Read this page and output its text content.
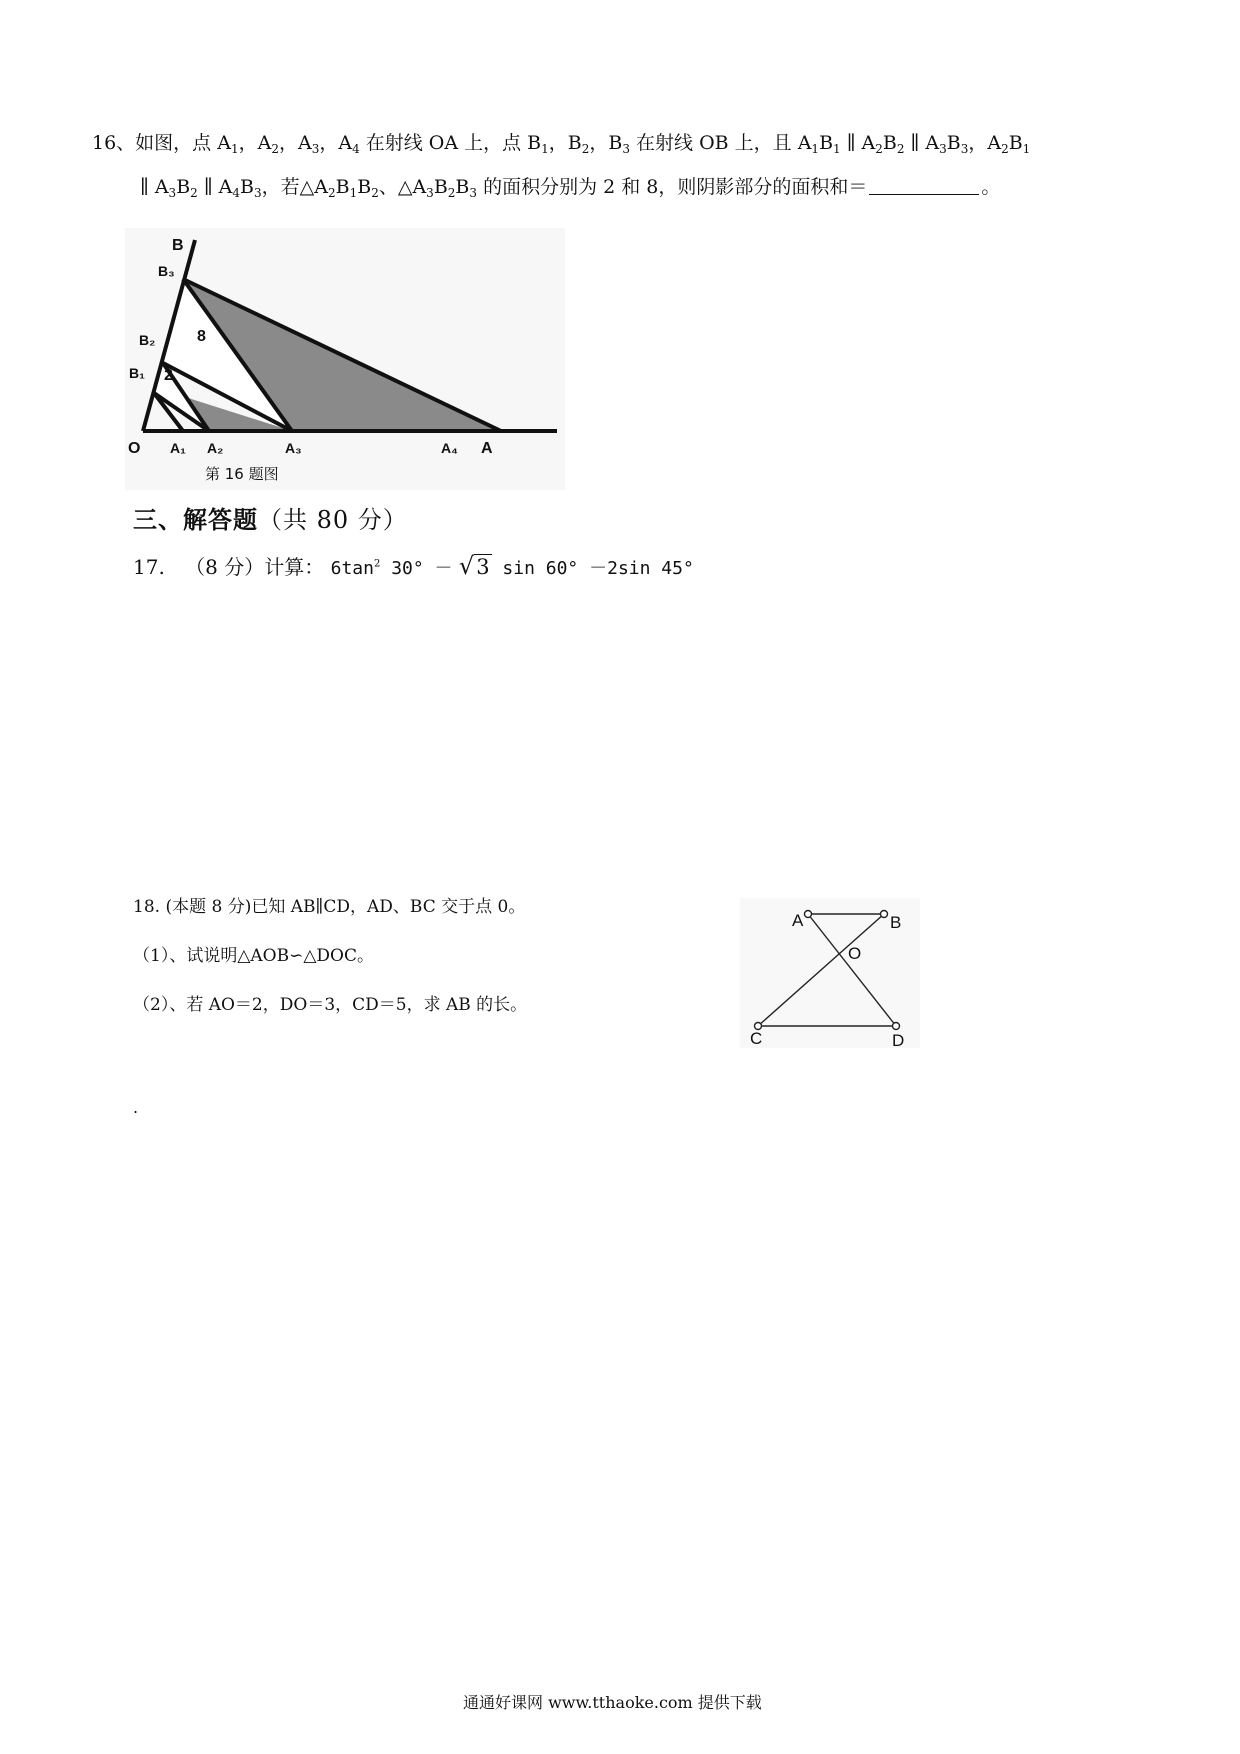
16、如图，点 $A_1$，$A_2$，$A_3$，$A_4$ 在射线 OA 上，点 $B_1$，$B_2$，$B_3$ 在射线 OB 上，且 $A_1B_1$ ∥ $A_2B_2$ ∥ $A_3B_3$，$A_2B_1$
∥ $A_3B_2$ ∥ $A_4B_3$，若$\triangle A_2B_1B_2$、$\triangle A_3B_2B_3$ 的面积分别为 2 和 8，则阴影部分的面积和＝	。
B
B₃
B₂
B₁
8
2
O A₁ A₂	A₃	A₄ A
第 16 题图
三、解答题（共 80 分）
17. （8 分）计算： $6\tan^2$ 30° － √3 sin 60° －2sin 45°
18. (本题 8 分)已知 AB∥CD，AD、BC 交于点 0。
（1）、试说明△AOB∽△DOC。
（2）、若 AO＝2，DO＝3，CD＝5，求 AB 的长。
A	B
O
C	D
.
通通好课网 www.tthaoke.com 提供下载
